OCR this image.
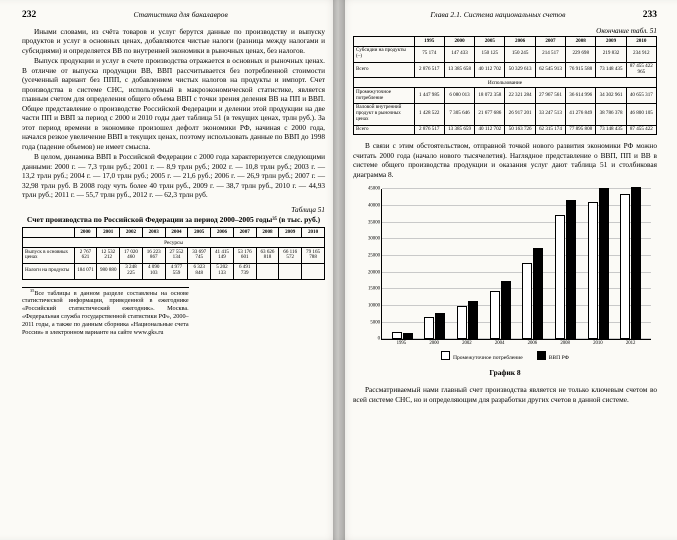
232	Статистика для бакалавров

Иными словами, из счёта товаров и услуг берутся данные по производству и выпуску продуктов и услуг в основных ценах, добавляются чистые налоги (разница между налогами и субсидиями) и определяется ВВ по внутренней экономики в рыночных ценах, без налогов.

Выпуск продукции и услуг в счете производства отражается в основных и рыночных ценах. В отличие от выпуска продукции ВВ, ВВП рассчитывается без потребленной стоимости (усеченный вариант без ППП, с добавлением чистых налогов на продукты и импорт. Счет производства в системе СНС, используемый в макроэкономической статистике, является главным счетом для определения общего объема ВВП с точки зрения деления ВВ на ПП и ВВП. Общее представление о производстве Российской Федерации и делении этой продукции на две части ПП и ВВП за период с 2000 и 2010 годы дает таблица 51 (в текущих ценах, трлн руб.). За этот период времени в экономике произошел дефолт экономики РФ, начиная с 2000 года, начался резкое увеличение ВВП в текущих ценах, поэтому использовать данные по ВВП до 1998 года (падение объемов) не имеет смысла.

В целом, динамика ВВП в Российской Федерации с 2000 года характеризуется следующими данными: 2000 г. — 7,3 трлн руб.; 2001 г. — 8,9 трлн руб.; 2002 г. — 10,8 трлн руб.; 2003 г. — 13,2 трлн руб.; 2004 г. — 17,0 трлн руб.; 2005 г. — 21,6 руб.; 2006 г. — 26,9 трлн руб.; 2007 г. — 32,98 трлн руб. В 2008 году чуть более 40 трлн руб., 2009 г. — 38,7 трлн руб., 2010 г. — 44,93 трлн руб.; 2011 г. — 55,7 трлн руб., 2012 г. — 62,3 трлн руб.

Таблица 51
Счет производства по Российской Федерации за период 2000–2005 годы³⁵ (в тыс. руб.)
	2000	2001	2002	2003	2004	2005	2006	2007	2008	2009	2010
Ресурсы											
Выпуск в основных ценах	2 767 621	12 532 212	17 020 460	16 223 867	27 552 134	33 697 745	41 415 149	53 176 601	63 626 818	66 116 572	79 165 788
Налоги на продукты	184 071	980 880	3 248 225	4 090 103	4 977 559	6 323 848	5 202 133	6 491 739			

$^{35}$Все таблицы в данном разделе составлены на основе статистической информации, приведенной в ежегоднике «Российский статистический ежегодник». Москва. «Федеральная служба государственной статистики РФ», 2000–2011 годы, а также по данным сборника «Национальные счета России» в электронном варианте на сайте www.gks.ru

233
Глава 2.1. Система национальных счетов
Окончание табл. 51
	1995	2000	2005	2006	2007	2008	2009	2010
Субсидии на продукты (–)	75 174	147 433	150 125	150 245	214 517	229 698	219 832	234 912
Всего	2 876 517	13 385 658	40 112 702	50 329 613	62 545 913	76 915 588	73 148 435	87 455 422 965
Использование								
Промежуточное потребление	1 447 985	6 080 013	18 072 358	22 321 284	27 967 561	36 614 996	34 302 961	40 655 317
Валовой внутренний продукт в рыночных ценах	1 428 522	7 305 646	21 677 686	26 917 201	33 247 513	41 276 849	38 786 378	46 800 105
Всего	2 876 517	13 385 659	40 112 702	50 163 726	62 315 174	77 895 808	73 148 435	87 455 422

В связи с этим обстоятельством, отправной точкой нового развития экономики РФ можно считать 2000 года (начало нового тысячелетия). Наглядное представление о ВВП, ПП и ВВ в системе общего производства продукции и оказания услуг дают таблица 51 и столбиковая диаграмма 8.

0
5000
10000
15000
20000
25000
30000
35000
40000
45000
1995	2000	2002	2004	2006	2008	2010	2012
Промежуточное потребление	ВВП РФ
График 8

Рассматриваемый нами главный счет производства является не только ключевым счетом во всей системе СНС, но и определяющим для разработки других счетов в данной системе.
